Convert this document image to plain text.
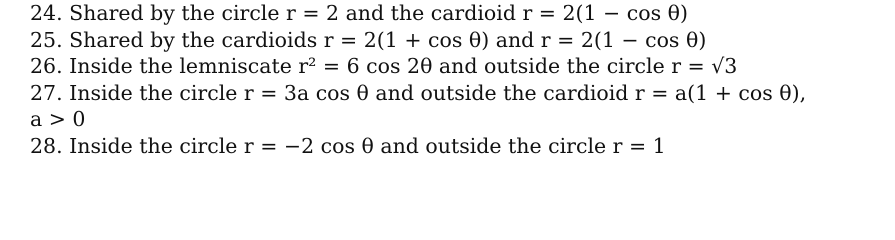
24. Shared by the circle r = 2 and the cardioid r = 2(1 − cos θ)
25. Shared by the cardioids r = 2(1 + cos θ) and r = 2(1 − cos θ)
26. Inside the lemniscate r² = 6 cos 2θ and outside the circle r = √3
27. Inside the circle r = 3a cos θ and outside the cardioid r = a(1 + cos θ),
a > 0
28. Inside the circle r = −2 cos θ and outside the circle r = 1
